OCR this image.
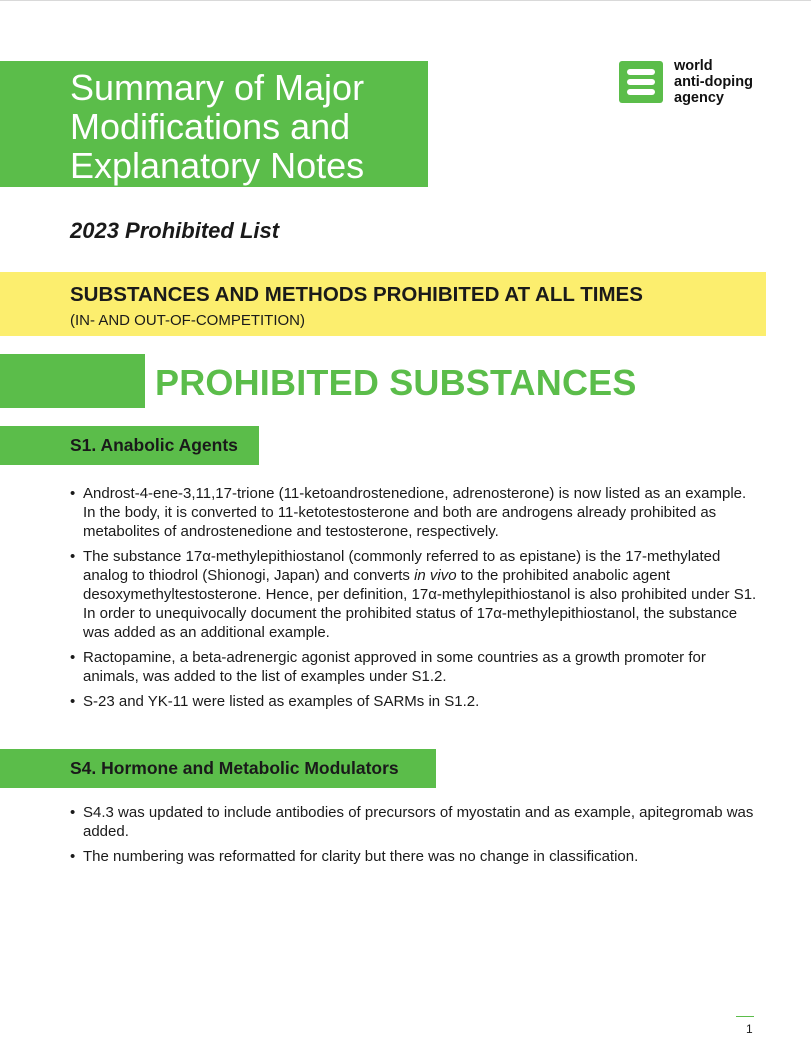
Summary of Major
Modifications and
Explanatory Notes
world
anti-doping
agency
2023 Prohibited List
SUBSTANCES AND METHODS PROHIBITED AT ALL TIMES
(IN- AND OUT-OF-COMPETITION)
PROHIBITED SUBSTANCES
S1. Anabolic Agents
• Androst-4-ene-3,11,17-trione (11-ketoandrostenedione, adrenosterone) is now listed as an example. In the body, it is converted to 11-ketotestosterone and both are androgens already prohibited as metabolites of androstenedione and testosterone, respectively.
• The substance 17α-methylepithiostanol (commonly referred to as epistane) is the 17-methylated analog to thiodrol (Shionogi, Japan) and converts in vivo to the prohibited anabolic agent desoxymethyltestosterone. Hence, per definition, 17α-methylepithiostanol is also prohibited under S1. In order to unequivocally document the prohibited status of 17α-methylepithiostanol, the substance was added as an additional example.
• Ractopamine, a beta-adrenergic agonist approved in some countries as a growth promoter for animals, was added to the list of examples under S1.2.
• S-23 and YK-11 were listed as examples of SARMs in S1.2.
S4. Hormone and Metabolic Modulators
• S4.3 was updated to include antibodies of precursors of myostatin and as example, apitegromab was added.
• The numbering was reformatted for clarity but there was no change in classification.
1
